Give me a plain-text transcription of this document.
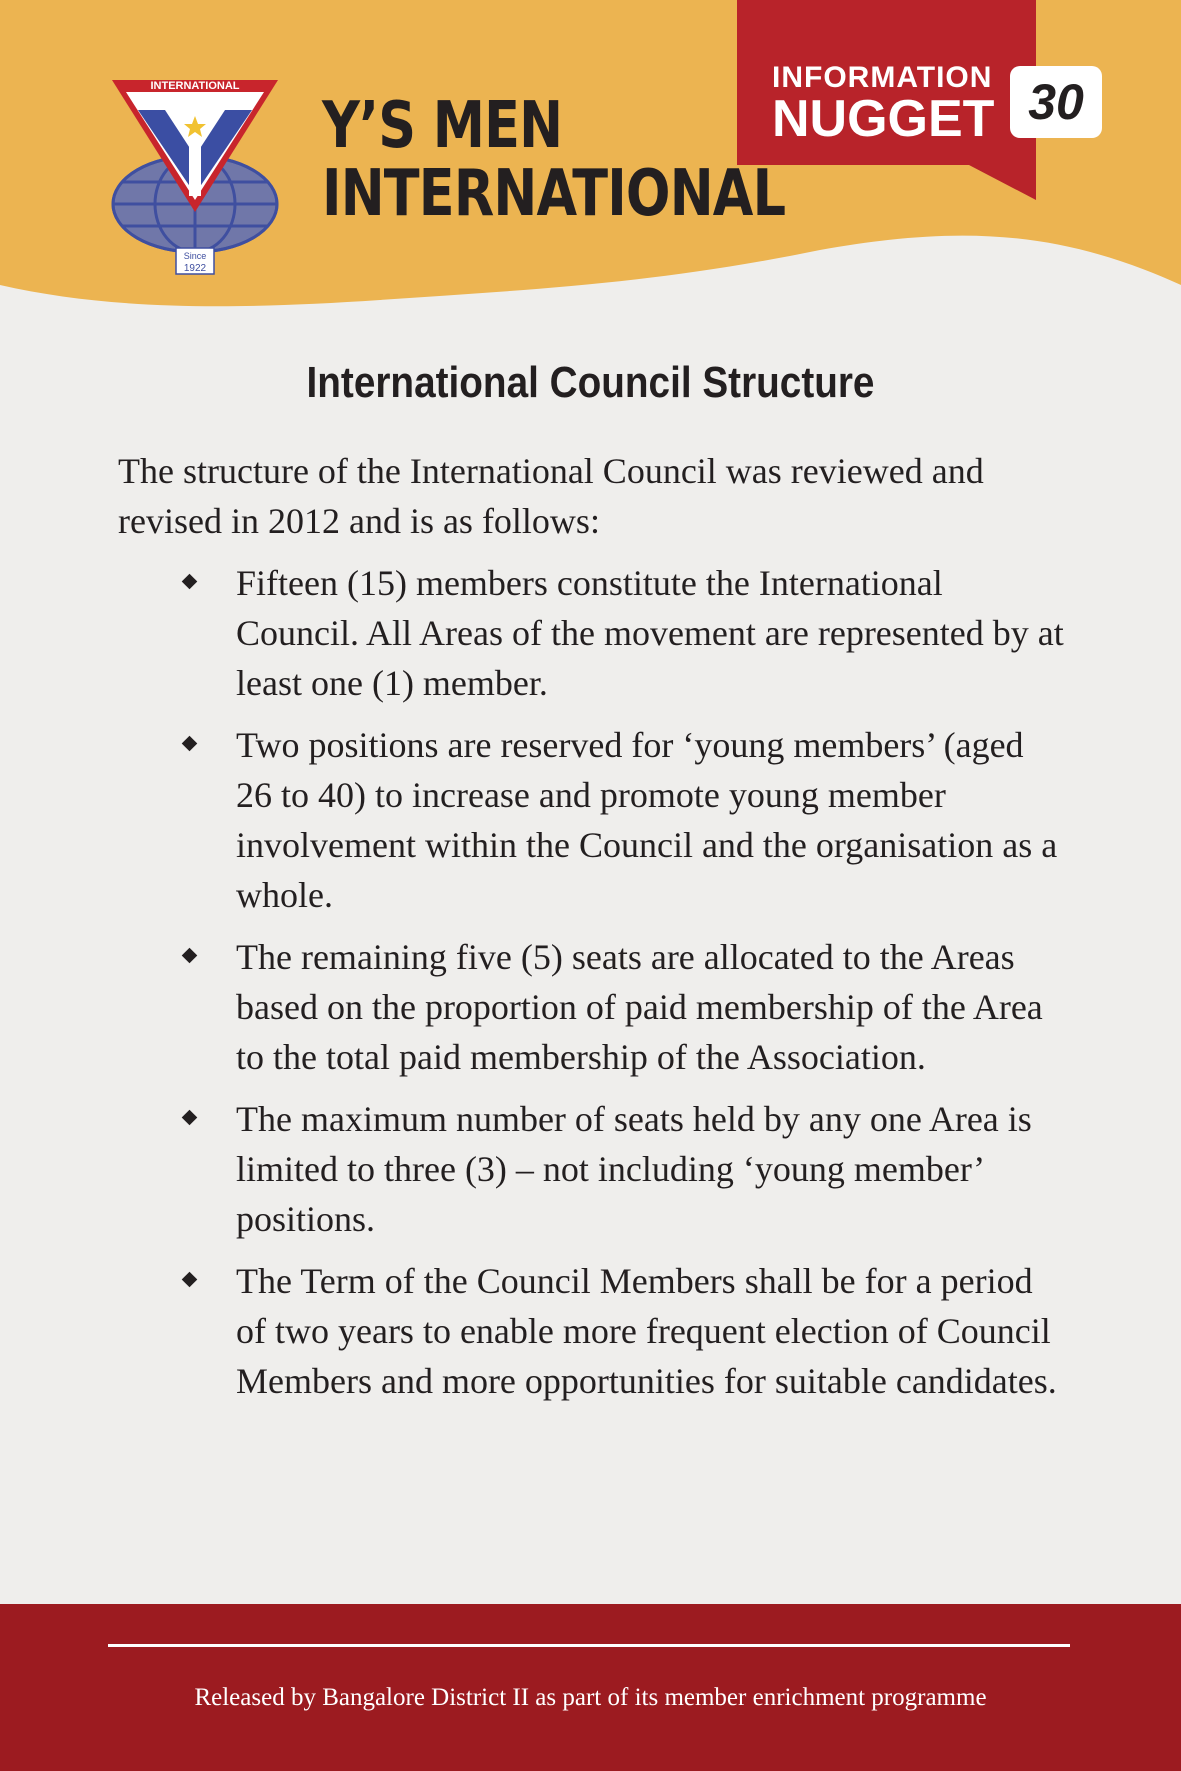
INTERNATIONAL
Since
1922
Y’S MEN
INTERNATIONAL
INFORMATION
NUGGET 30
International Council Structure
The structure of the International Council was reviewed and revised in 2012 and is as follows:
Fifteen (15) members constitute the International Council. All Areas of the movement are represented by at least one (1) member.
Two positions are reserved for ‘young members’ (aged 26 to 40) to increase and promote young member involvement within the Council and the organisation as a whole.
The remaining five (5) seats are allocated to the Areas based on the proportion of paid membership of the Area to the total paid membership of the Association.
The maximum number of seats held by any one Area is limited to three (3) – not including ‘young member’ positions.
The Term of the Council Members shall be for a period of two years to enable more frequent election of Council Members and more opportunities for suitable candidates.
Released by Bangalore District II as part of its member enrichment programme
